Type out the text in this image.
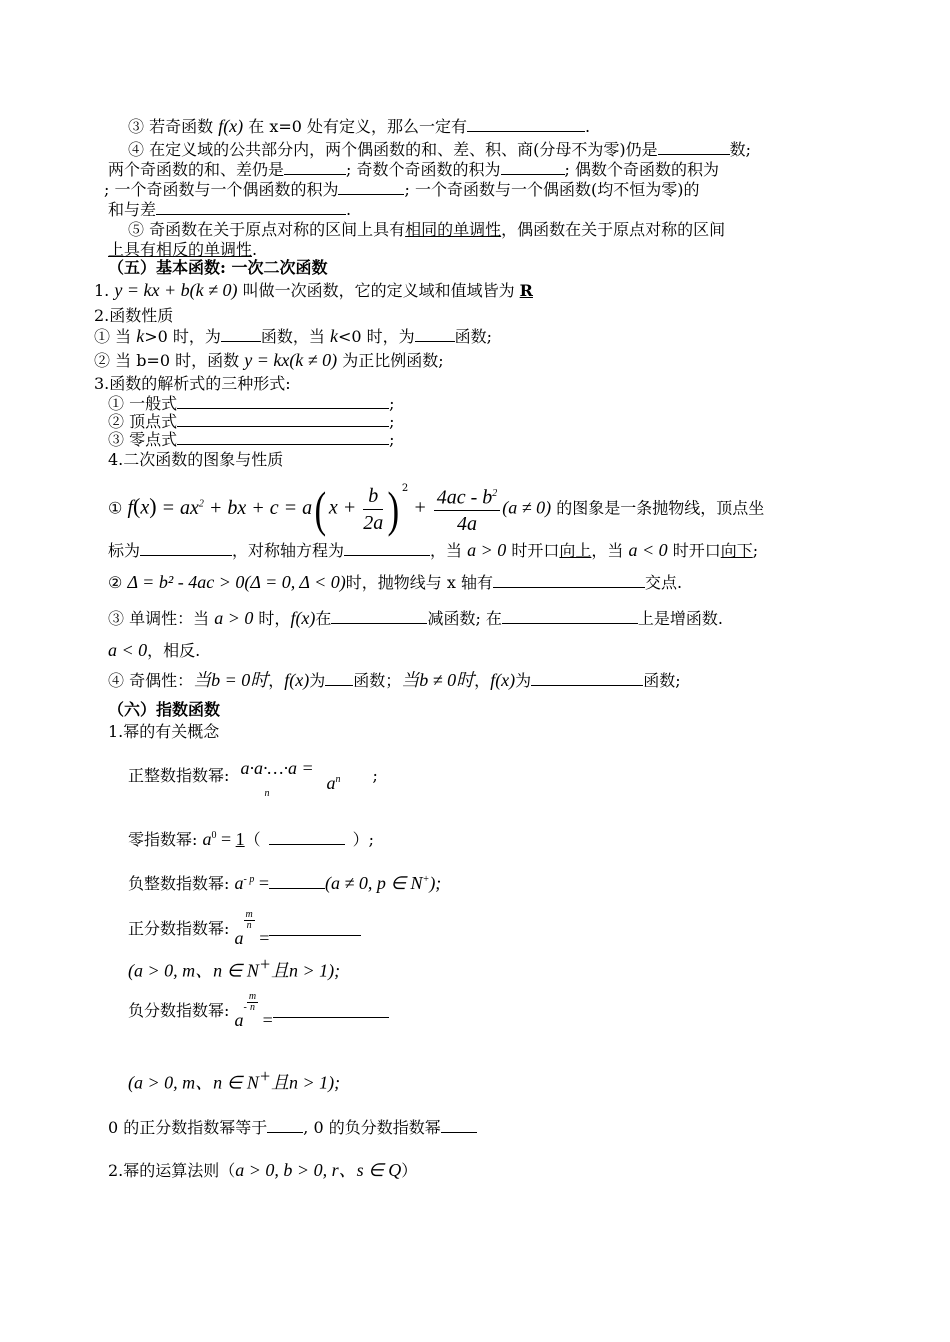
③ 若奇函数 f(x) 在 x=0 处有定义，那么一定有	.
④ 在定义域的公共部分内，两个偶函数的和、差、积、商(分母不为零)仍是	数;
两个奇函数的和、差仍是	; 奇数个奇函数的积为	; 偶数个奇函数的积为
; 一个奇函数与一个偶函数的积为	; 一个奇函数与一个偶函数(均不恒为零)的
和与差	.
⑤ 奇函数在关于原点对称的区间上具有相同的单调性，偶函数在关于原点对称的区间
上具有相反的单调性.
（五）基本函数: 一次二次函数
1. y = kx + b(k ≠ 0) 叫做一次函数，它的定义域和值域皆为 R
2.函数性质
① 当 k>0 时，为	函数，当 k<0 时，为	函数;
② 当 b=0 时，函数 y = kx(k ≠ 0) 为正比例函数;
3.函数的解析式的三种形式:
① 一般式	;
② 顶点式	;
③ 零点式	;
4.二次函数的图象与性质
① $f(x) = ax^2$ + bx + c = a( $x + \frac{b}{2a}$ ) $^2 + \frac{4ac - b^2}{4a} (a \ne 0)$ 的图象是一条抛物线，顶点坐
标为	，对称轴方程为	，当 a > 0 时开口向上，当 a < 0 时开口向下;
② Δ = b² - 4ac > 0(Δ = 0, Δ < 0)时，抛物线与 x 轴有	交点.
③ 单调性：当 a > 0 时，f(x)在	减函数; 在	上是增函数.
a < 0，相反.
④ 奇偶性：当b = 0时，f(x)为 函数；当b ≠ 0时，f(x)为	函数;
（六）指数函数
1.幂的有关概念
正整数指数幂: a·a·…·a =
n
$a^n$ ;
零指数幂: $a^0 = 1$（	）;
负整数指数幂: $a^{- p}$ =	(a ≠ 0, p ∈ N+);
正分数指数幂: a
$\frac{m}{n}$
=
(a > 0, m、n ∈ N+且n > 1);
负分数指数幂: $a^- \frac{m}{n}$
=
(a > 0, m、n ∈ N+且n > 1);
0 的正分数指数幂等于 , 0 的负分数指数幂
2.幂的运算法则（a > 0, b > 0, r、s ∈ Q）
